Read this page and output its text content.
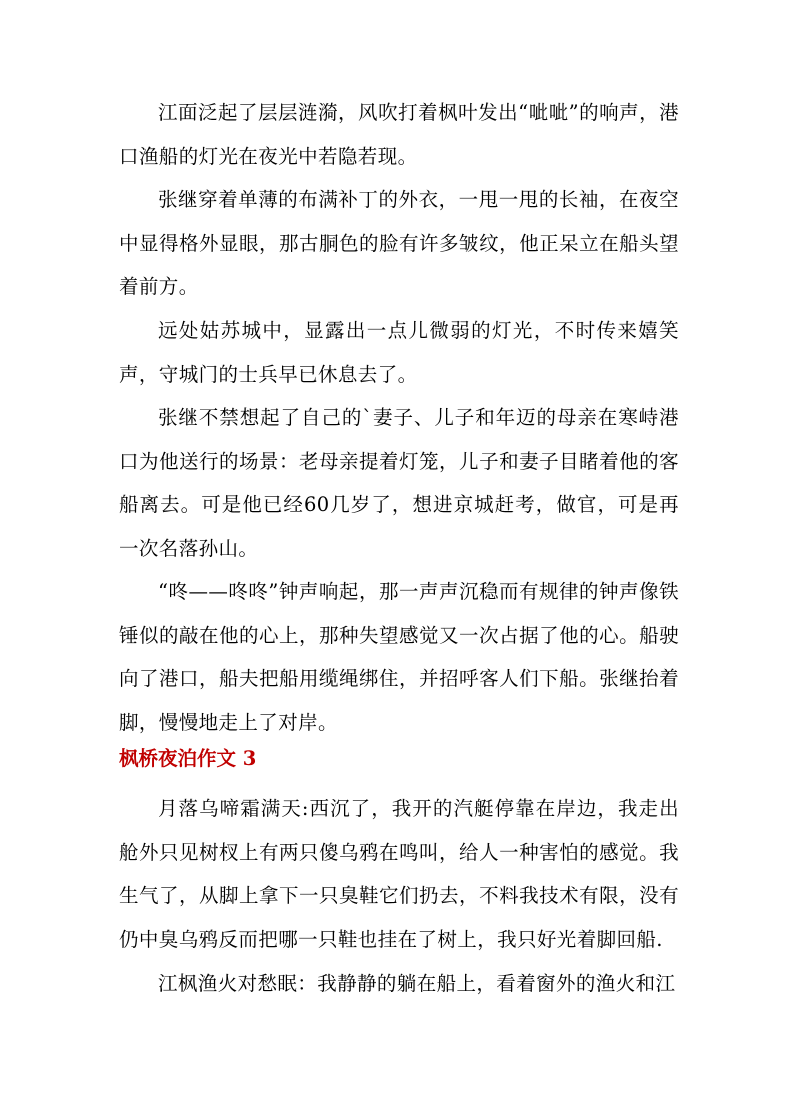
江面泛起了层层涟漪，风吹打着枫叶发出“呲呲”的响声，港口渔船的灯光在夜光中若隐若现。

张继穿着单薄的布满补丁的外衣，一甩一甩的长袖，在夜空中显得格外显眼，那古胴色的脸有许多皱纹，他正呆立在船头望着前方。

远处姑苏城中，显露出一点儿微弱的灯光，不时传来嬉笑声，守城门的士兵早已休息去了。

张继不禁想起了自己的`妻子、儿子和年迈的母亲在寒峙港口为他送行的场景：老母亲提着灯笼，儿子和妻子目睹着他的客船离去。可是他已经60几岁了，想进京城赶考，做官，可是再一次名落孙山。

“咚——咚咚”钟声响起，那一声声沉稳而有规律的钟声像铁锤似的敲在他的心上，那种失望感觉又一次占据了他的心。船驶向了港口，船夫把船用缆绳绑住，并招呼客人们下船。张继抬着脚，慢慢地走上了对岸。

枫桥夜泊作文 3

月落乌啼霜满天:西沉了，我开的汽艇停靠在岸边，我走出舱外只见树杈上有两只傻乌鸦在鸣叫，给人一种害怕的感觉。我生气了，从脚上拿下一只臭鞋它们扔去，不料我技术有限，没有仍中臭乌鸦反而把哪一只鞋也挂在了树上，我只好光着脚回船.

江枫渔火对愁眠：我静静的躺在船上，看着窗外的渔火和江
